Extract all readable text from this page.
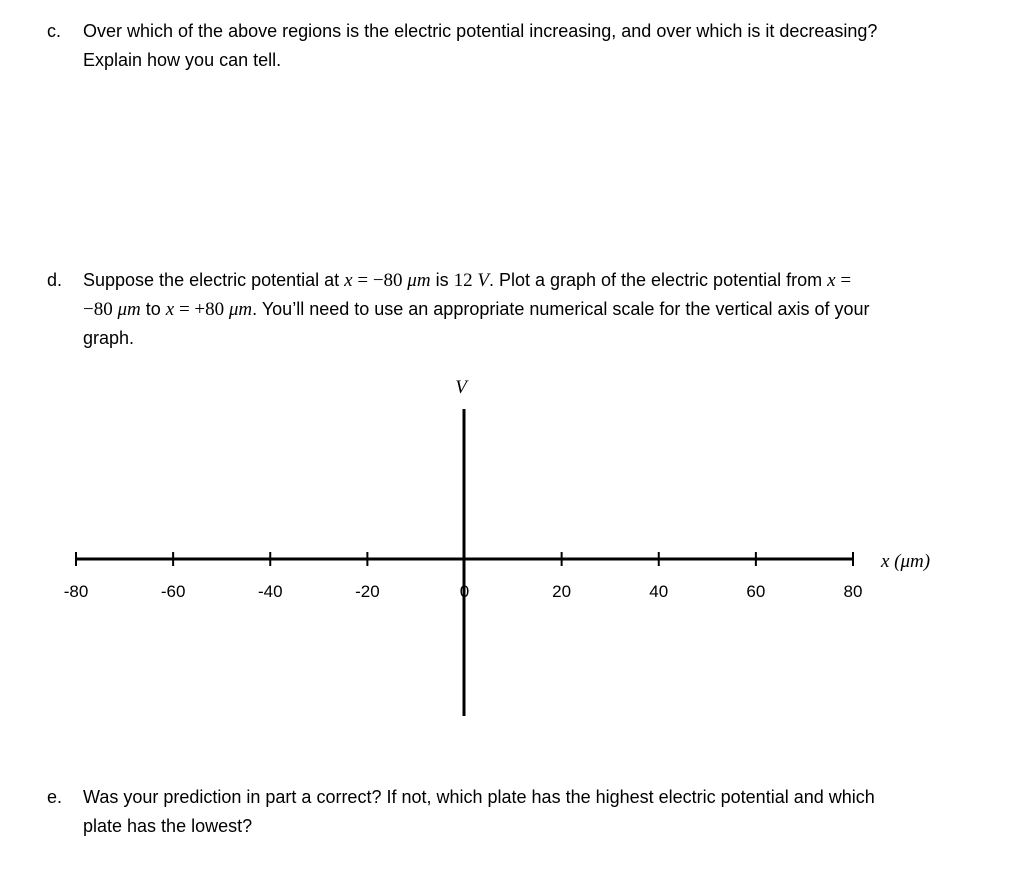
c. Over which of the above regions is the electric potential increasing, and over which is it decreasing?
Explain how you can tell.
d. Suppose the electric potential at x = −80 μm is 12 V. Plot a graph of the electric potential from x =
−80 μm to x = +80 μm. You’ll need to use an appropriate numerical scale for the vertical axis of your
graph.
-80	-60	-40	-20	0	20	40	60	80
V
x (μm)
e. Was your prediction in part a correct? If not, which plate has the highest electric potential and which
plate has the lowest?
